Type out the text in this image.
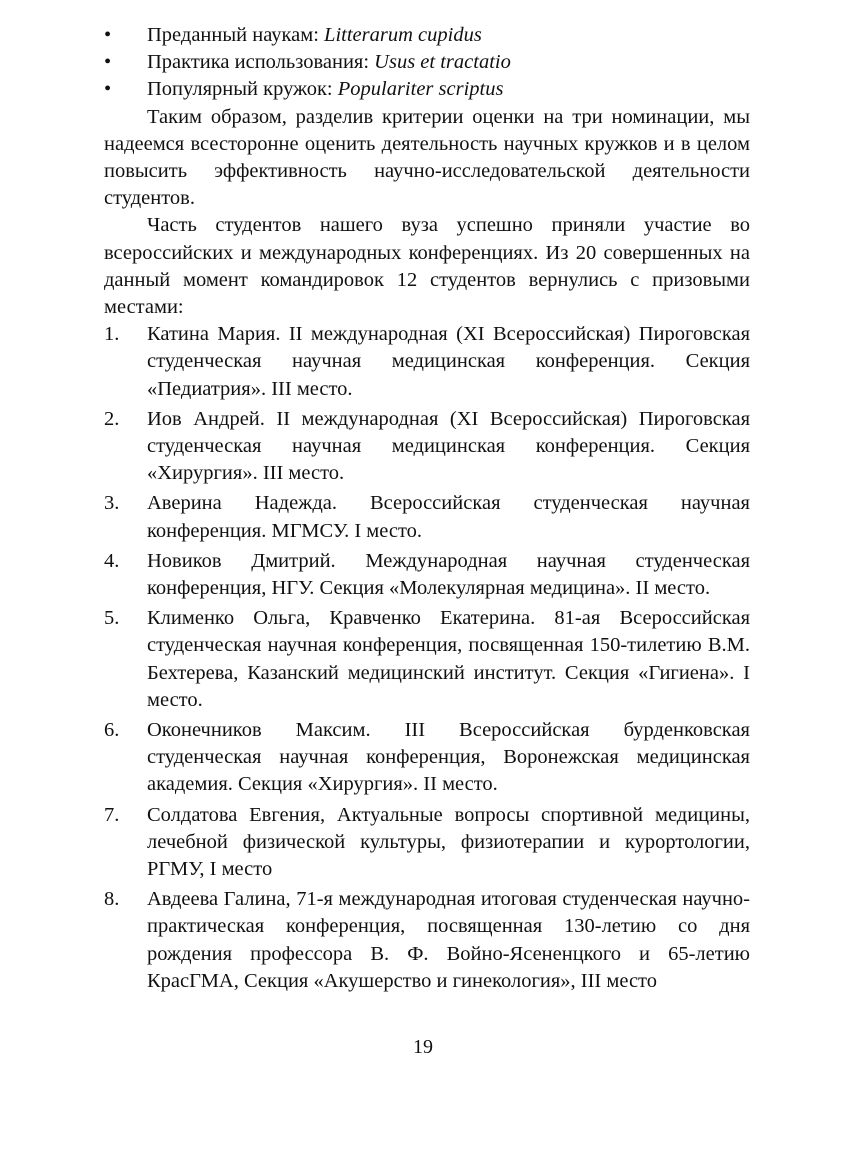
•	Преданный наукам: Litterarum cupidus
•	Практика использования: Usus et tractatio
•	Популярный кружок: Populariter scriptus

Таким образом, разделив критерии оценки на три номинации, мы надеемся всесторонне оценить деятельность научных кружков и в целом повысить эффективность научно-исследовательской деятельности студентов.

Часть студентов нашего вуза успешно приняли участие во всероссийских и международных конференциях. Из 20 совершенных на данный момент командировок 12 студентов вернулись с призовыми местами:

1. Катина Мария. II международная (XI Всероссийская) Пироговская студенческая научная медицинская конференция. Секция «Педиатрия». III место.
2. Иов Андрей. II международная (XI Всероссийская) Пироговская студенческая научная медицинская конференция. Секция «Хирургия». III место.
3. Аверина Надежда. Всероссийская студенческая научная конференция. МГМСУ. I место.
4. Новиков Дмитрий. Международная научная студенческая конференция, НГУ. Секция «Молекулярная медицина». II место.
5. Клименко Ольга, Кравченко Екатерина. 81-ая Всероссийская студенческая научная конференция, посвященная 150-тилетию В.М. Бехтерева, Казанский медицинский институт. Секция «Гигиена». I место.
6. Оконечников Максим. III Всероссийская бурденковская студенческая научная конференция, Воронежская медицинская академия. Секция «Хирургия». II место.
7. Солдатова Евгения, Актуальные вопросы спортивной медицины, лечебной физической культуры, физиотерапии и курортологии, РГМУ, I место
8. Авдеева Галина, 71-я международная итоговая студенческая научно-практическая конференция, посвященная 130-летию со дня рождения профессора В. Ф. Войно-Ясененцкого и 65-летию КрасГМА, Секция «Акушерство и гинекология», III место
19
